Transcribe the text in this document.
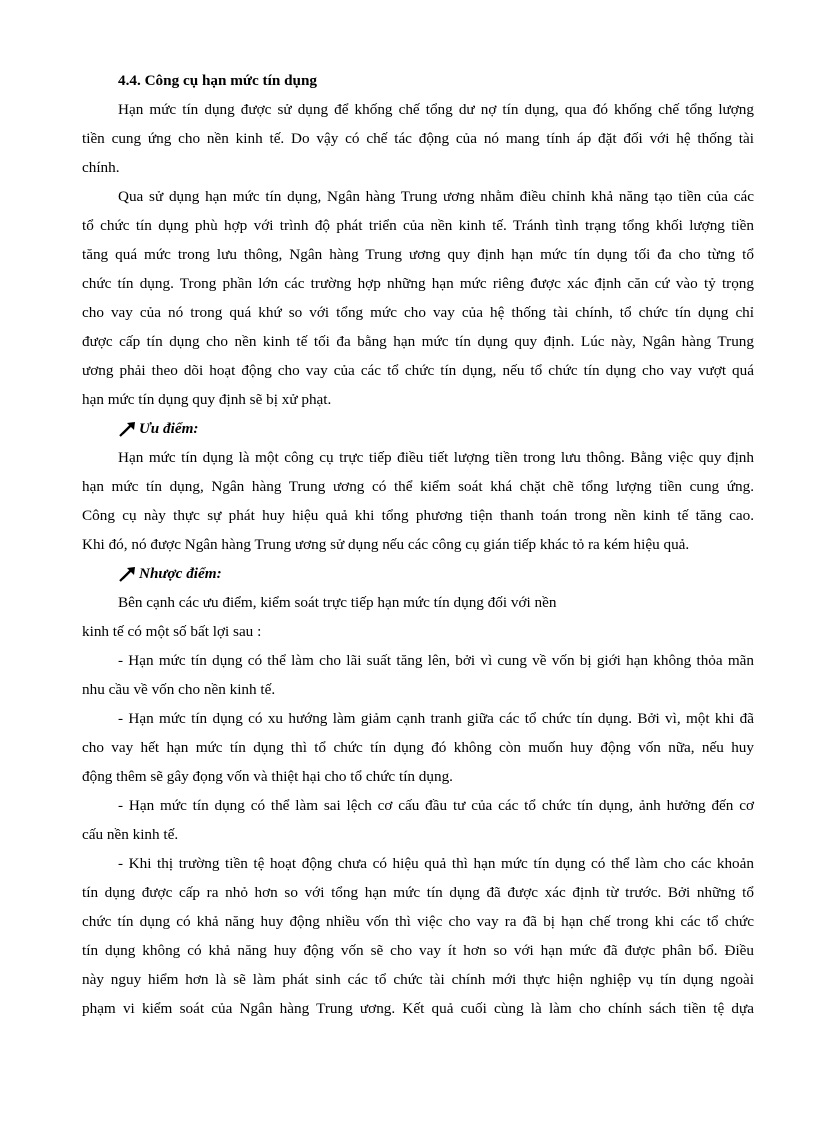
4.4. Công cụ hạn mức tín dụng
Hạn mức tín dụng được sử dụng để khống chế tổng dư nợ tín dụng, qua đó khống chế tổng lượng
tiền cung ứng cho nền kinh tế. Do vậy có chế tác động của nó mang tính áp đặt đối với hệ thống tài
chính.
Qua sử dụng hạn mức tín dụng, Ngân hàng Trung ương nhằm điều chỉnh khả năng tạo tiền của các
tổ chức tín dụng phù hợp với trình độ phát triển của nền kinh tế. Tránh tình trạng tổng khối lượng tiền
tăng quá mức trong lưu thông, Ngân hàng Trung ương quy định hạn mức tín dụng tối đa cho từng tổ
chức tín dụng. Trong phần lớn các trường hợp những hạn mức riêng được xác định căn cứ vào tỷ trọng
cho vay của nó trong quá khứ so với tổng mức cho vay của hệ thống tài chính, tổ chức tín dụng chỉ
được cấp tín dụng cho nền kinh tế tối đa bằng hạn mức tín dụng quy định. Lúc này, Ngân hàng Trung
ương phải theo dõi hoạt động cho vay của các tổ chức tín dụng, nếu tổ chức tín dụng cho vay vượt quá
hạn mức tín dụng quy định sẽ bị xử phạt.
Ưu điểm:
Hạn mức tín dụng là một công cụ trực tiếp điều tiết lượng tiền trong lưu thông. Bằng việc quy định
hạn mức tín dụng, Ngân hàng Trung ương có thể kiểm soát khá chặt chẽ tổng lượng tiền cung ứng.
Công cụ này thực sự phát huy hiệu quả khi tổng phương tiện thanh toán trong nền kinh tế tăng cao.
Khi đó, nó được Ngân hàng Trung ương sử dụng nếu các công cụ gián tiếp khác tỏ ra kém hiệu quả.
Nhược điểm:
Bên cạnh các ưu điểm, kiểm soát trực tiếp hạn mức tín dụng đối với nền
kinh tế có một số bất lợi sau :
- Hạn mức tín dụng có thể làm cho lãi suất tăng lên, bởi vì cung về vốn bị giới hạn không thỏa mãn
nhu cầu về vốn cho nền kinh tế.
- Hạn mức tín dụng có xu hướng làm giảm cạnh tranh giữa các tổ chức tín dụng. Bởi vì, một khi đã
cho vay hết hạn mức tín dụng thì tổ chức tín dụng đó không còn muốn huy động vốn nữa, nếu huy
động thêm sẽ gây đọng vốn và thiệt hại cho tổ chức tín dụng.
- Hạn mức tín dụng có thể làm sai lệch cơ cấu đầu tư của các tổ chức tín dụng, ảnh hưởng đến cơ
cấu nền kinh tế.
- Khi thị trường tiền tệ hoạt động chưa có hiệu quả thì hạn mức tín dụng có thể làm cho các khoản
tín dụng được cấp ra nhỏ hơn so với tổng hạn mức tín dụng đã được xác định từ trước. Bởi những tổ
chức tín dụng có khả năng huy động nhiều vốn thì việc cho vay ra đã bị hạn chế trong khi các tổ chức
tín dụng không có khả năng huy động vốn sẽ cho vay ít hơn so với hạn mức đã được phân bổ. Điều
này nguy hiểm hơn là sẽ làm phát sinh các tổ chức tài chính mới thực hiện nghiệp vụ tín dụng ngoài
phạm vi kiểm soát của Ngân hàng Trung ương. Kết quả cuối cùng là làm cho chính sách tiền tệ dựa
